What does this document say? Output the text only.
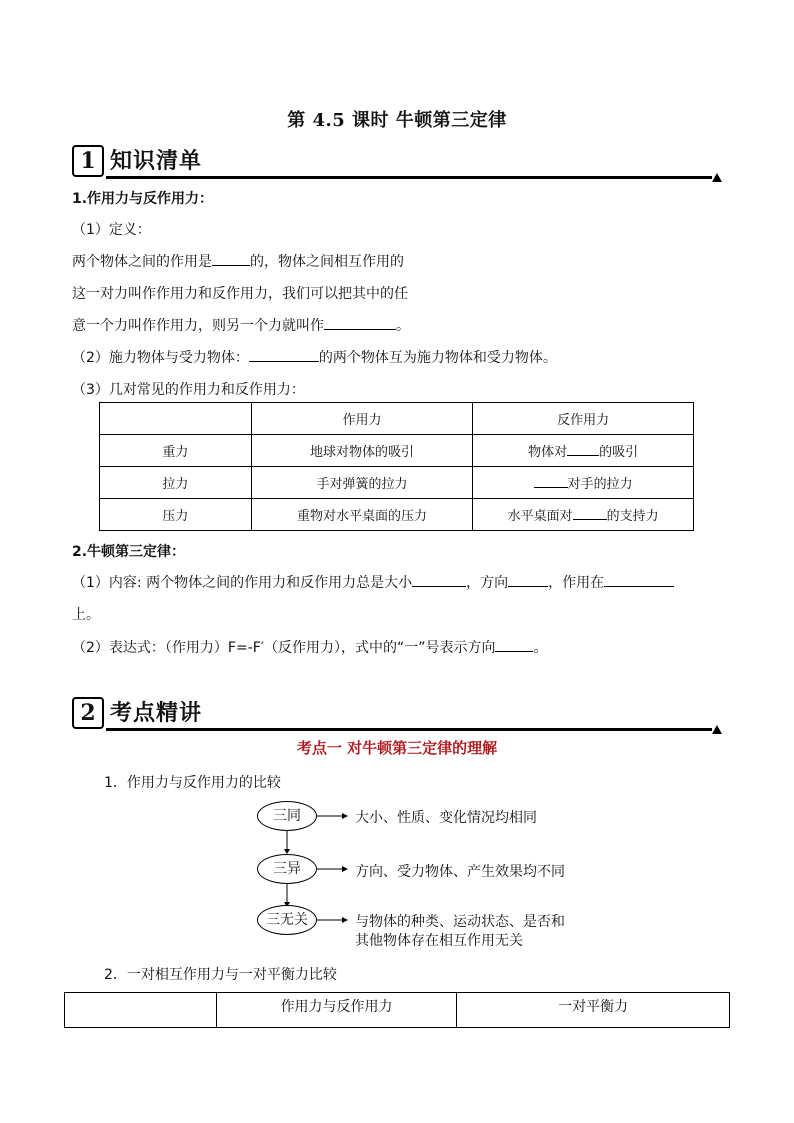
第 4.5 课时 牛顿第三定律
1 知识清单
1.作用力与反作用力：
（1）定义：
两个物体之间的作用是	的，物体之间相互作用的
这一对力叫作作用力和反作用力，我们可以把其中的任
意一个力叫作作用力，则另一个力就叫作	。
（2）施力物体与受力物体：	的两个物体互为施力物体和受力物体。
（3）几对常见的作用力和反作用力：
	作用力	反作用力
重力	地球对物体的吸引	物体对 的吸引
拉力	手对弹簧的拉力	对手的拉力
压力	重物对水平桌面的压力	水平桌面对 的支持力
2.牛顿第三定律：
（1）内容: 两个物体之间的作用力和反作用力总是大小	，方向	，作用在
上。
（2）表达式：（作用力）F=-F′（反作用力），式中的“一”号表示方向	。
2 考点精讲
考点一 对牛顿第三定律的理解
1．作用力与反作用力的比较
三同
三异
三无关
大小、性质、变化情况均相同
方向、受力物体、产生效果均不同
与物体的种类、运动状态、是否和
其他物体存在相互作用无关
2．一对相互作用力与一对平衡力比较
	作用力与反作用力	一对平衡力
